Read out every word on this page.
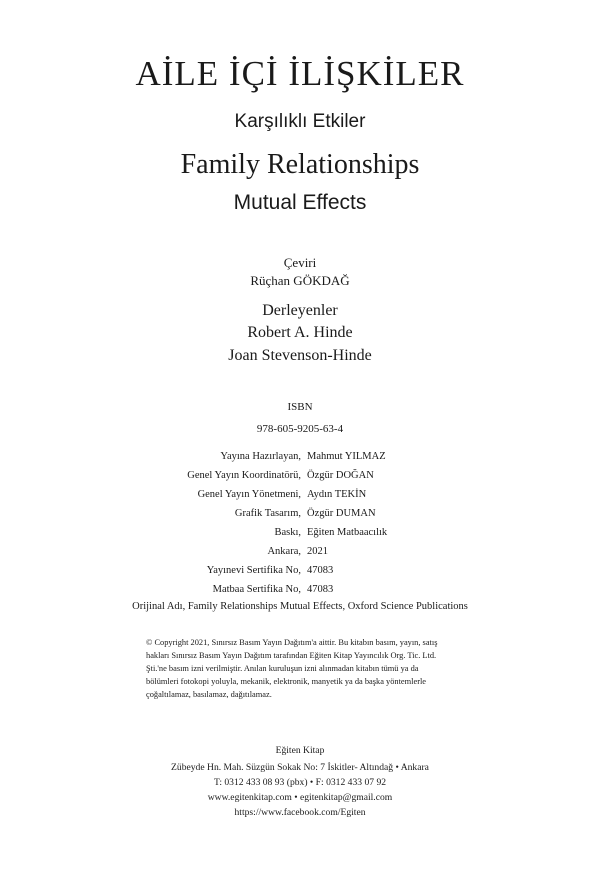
AİLE İÇİ İLİŞKİLER
Karşılıklı Etkiler
Family Relationships
Mutual Effects
Çeviri
Rüçhan GÖKDAĞ
Derleyenler
Robert A. Hinde
Joan Stevenson-Hinde
ISBN
978-605-9205-63-4
Yayına Hazırlayan, Mahmut YILMAZ
Genel Yayın Koordinatörü, Özgür DOĞAN
Genel Yayın Yönetmeni, Aydın TEKİN
Grafik Tasarım, Özgür DUMAN
Baskı, Eğiten Matbaacılık
Ankara, 2021
Yayınevi Sertifika No, 47083
Matbaa Sertifika No, 47083
Orijinal Adı, Family Relationships Mutual Effects, Oxford Science Publications
© Copyright 2021, Sınırsız Basım Yayın Dağıtım'a aittir. Bu kitabın basım, yayın, satış
hakları Sınırsız Basım Yayın Dağıtım tarafından Eğiten Kitap Yayıncılık Org. Tic. Ltd.
Şti.'ne basım izni verilmiştir. Anılan kuruluşun izni alınmadan kitabın tümü ya da
bölümleri fotokopi yoluyla, mekanik, elektronik, manyetik ya da başka yöntemlerle
çoğaltılamaz, basılamaz, dağıtılamaz.
Eğiten Kitap
Zübeyde Hn. Mah. Süzgün Sokak No: 7 İskitler- Altındağ • Ankara
T: 0312 433 08 93 (pbx) • F: 0312 433 07 92
www.egitenkitap.com • egitenkitap@gmail.com
https://www.facebook.com/Egiten
